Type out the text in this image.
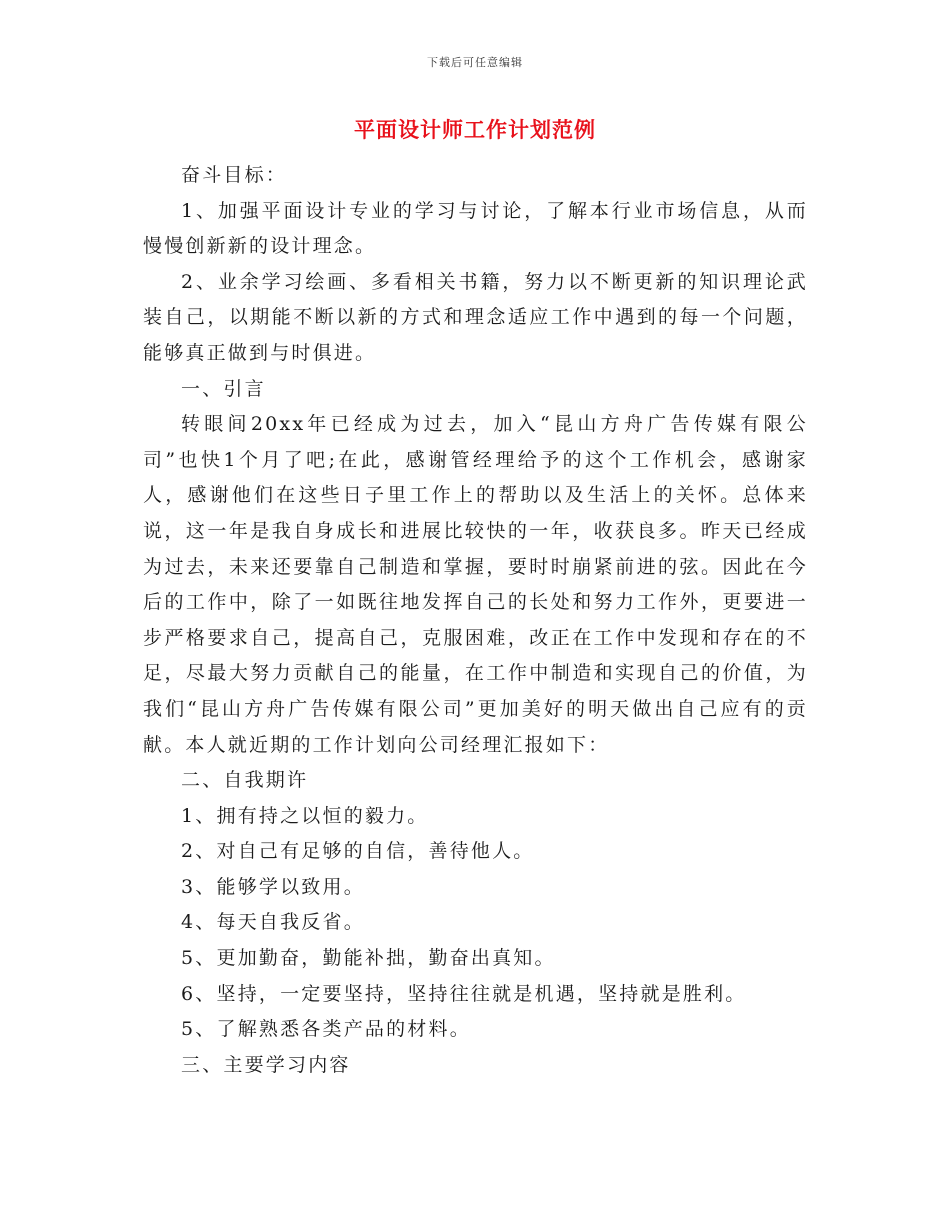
下载后可任意编辑
平面设计师工作计划范例

奋斗目标：

1、加强平面设计专业的学习与讨论，了解本行业市场信息，从而慢慢创新新的设计理念。

2、业余学习绘画、多看相关书籍，努力以不断更新的知识理论武装自己，以期能不断以新的方式和理念适应工作中遇到的每一个问题，能够真正做到与时俱进。

一、引言

转眼间20xx年已经成为过去，加入“昆山方舟广告传媒有限公司”也快1个月了吧;在此，感谢管经理给予的这个工作机会，感谢家人，感谢他们在这些日子里工作上的帮助以及生活上的关怀。总体来说，这一年是我自身成长和进展比较快的一年，收获良多。昨天已经成为过去，未来还要靠自己制造和掌握，要时时崩紧前进的弦。因此在今后的工作中，除了一如既往地发挥自己的长处和努力工作外，更要进一步严格要求自己，提高自己，克服困难，改正在工作中发现和存在的不足，尽最大努力贡献自己的能量，在工作中制造和实现自己的价值，为我们“昆山方舟广告传媒有限公司”更加美好的明天做出自己应有的贡献。本人就近期的工作计划向公司经理汇报如下：

二、自我期许

1、拥有持之以恒的毅力。

2、对自己有足够的自信，善待他人。

3、能够学以致用。

4、每天自我反省。

5、更加勤奋，勤能补拙，勤奋出真知。

6、坚持，一定要坚持，坚持往往就是机遇，坚持就是胜利。

5、了解熟悉各类产品的材料。

三、主要学习内容
